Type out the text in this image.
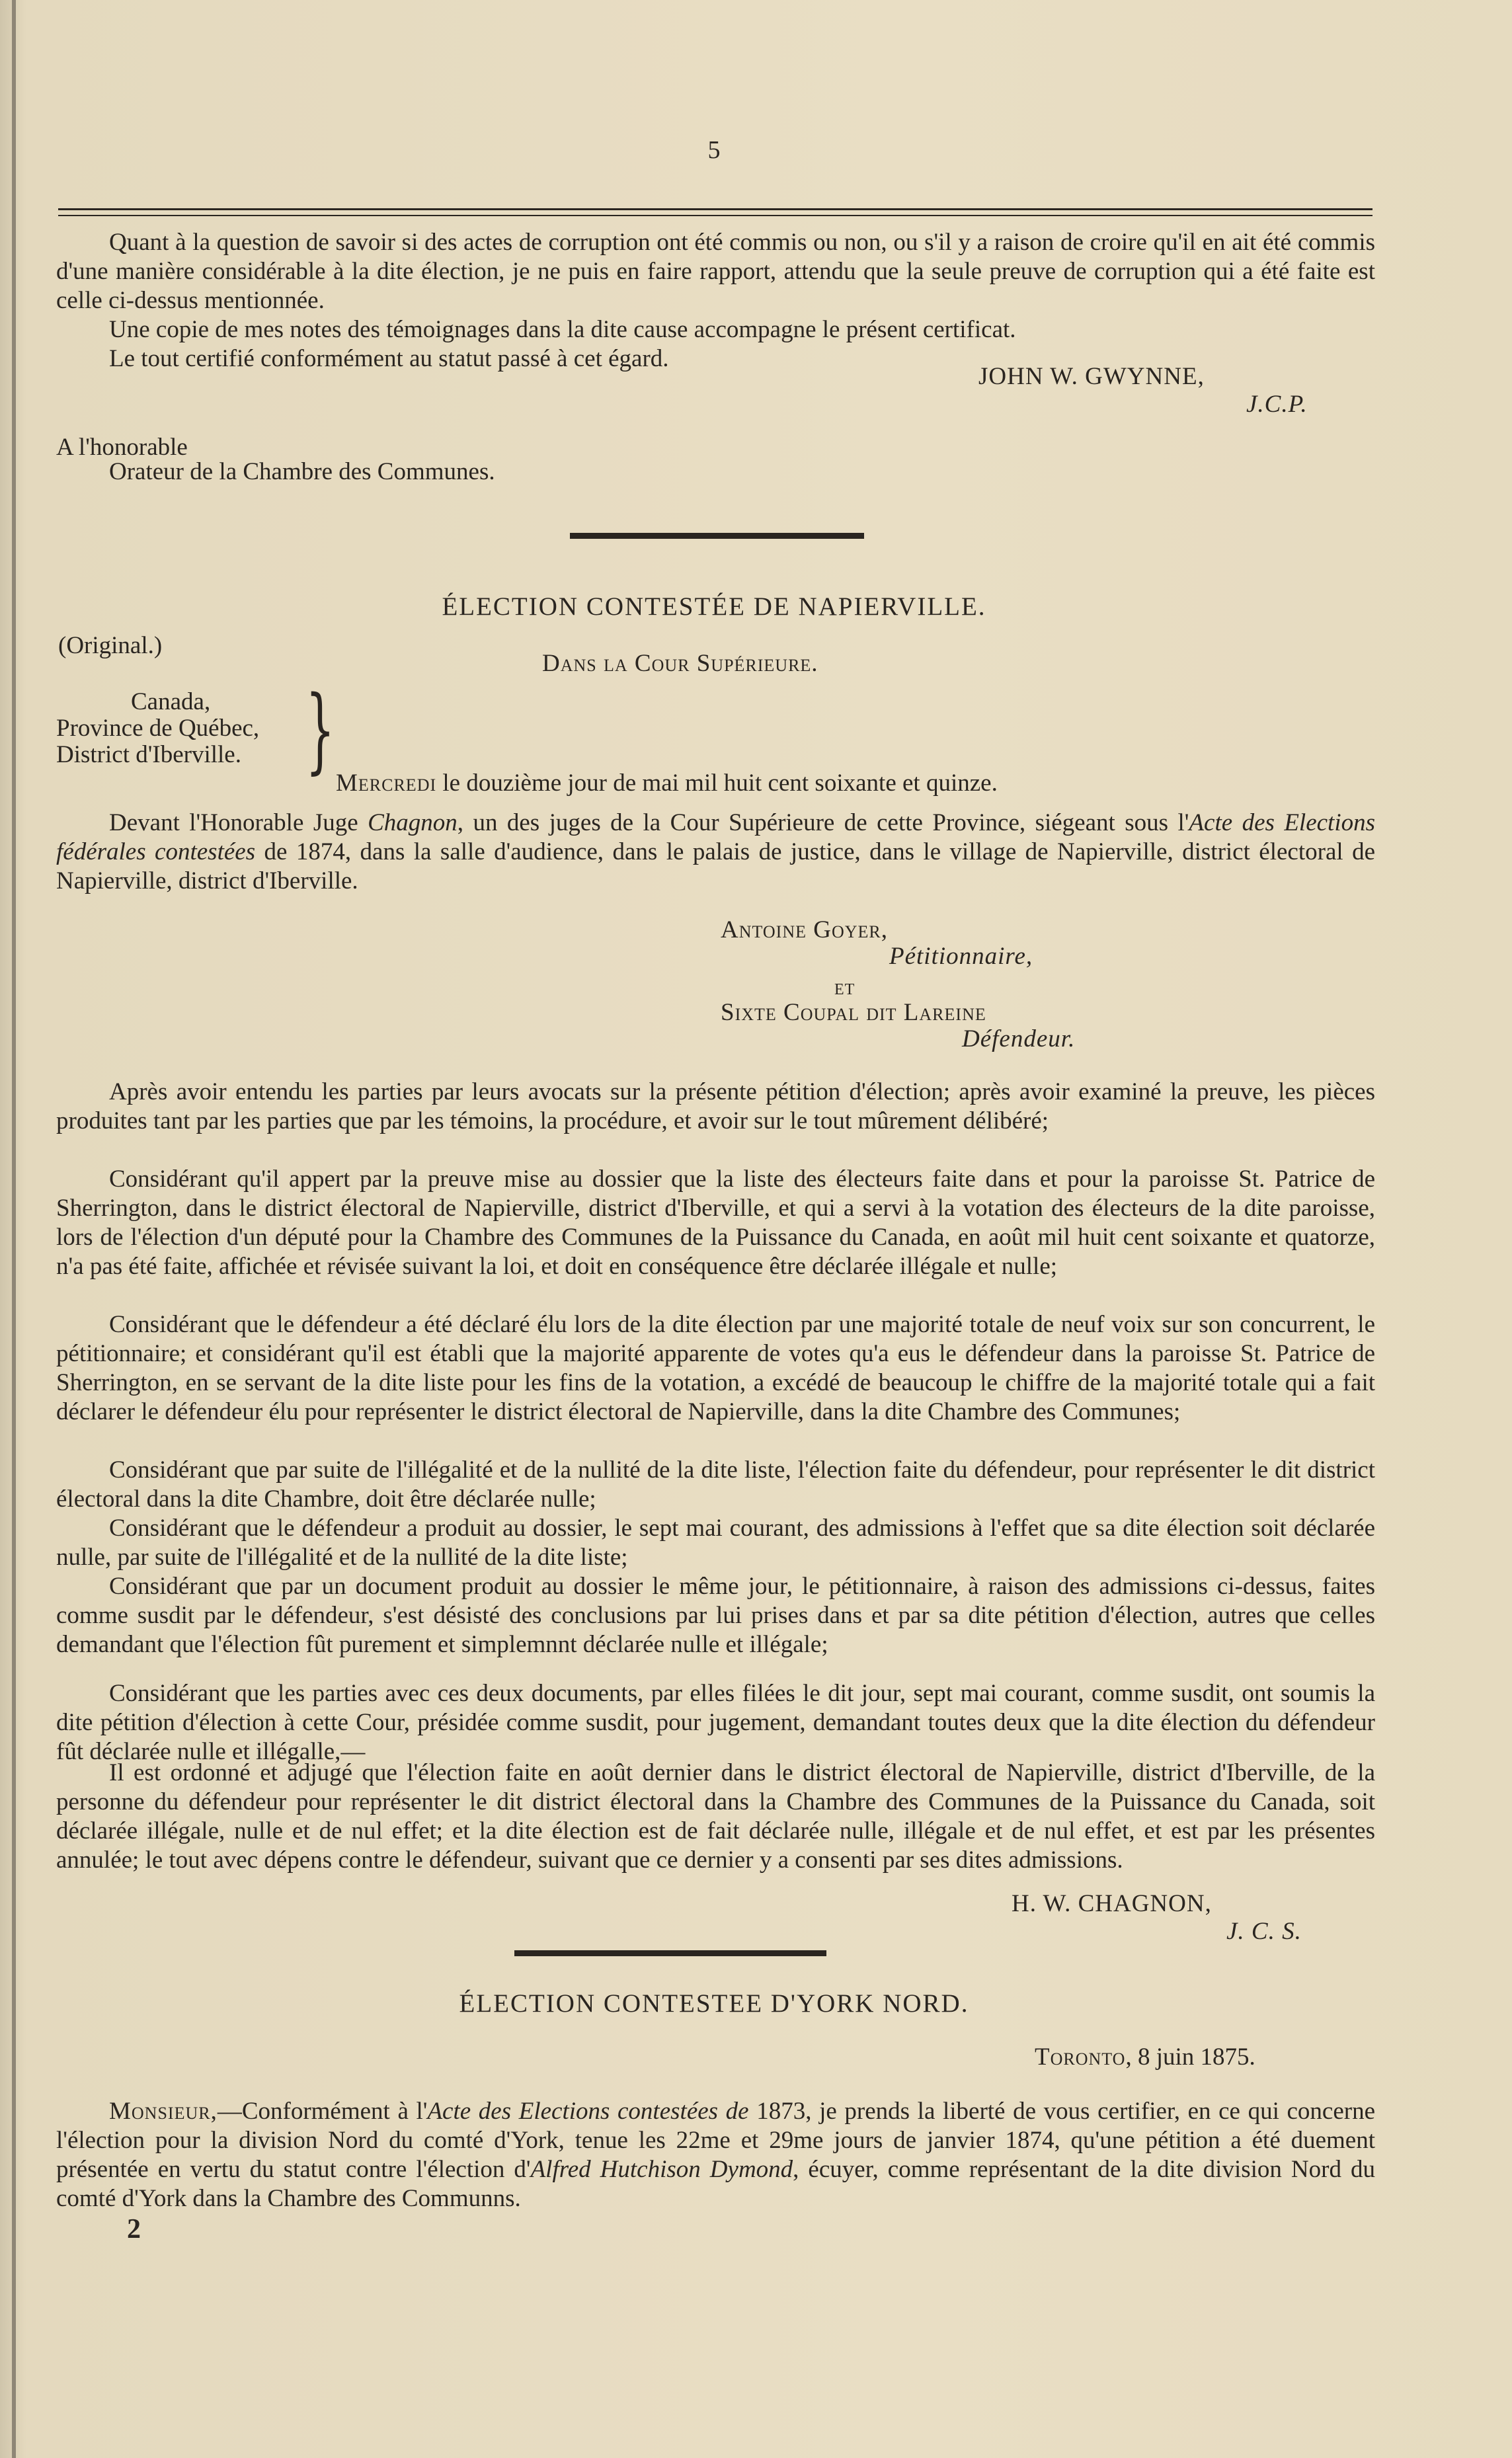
5
Quant à la question de savoir si des actes de corruption ont été commis ou non, ou s'il y a raison de croire qu'il en ait été commis d'une manière considérable à la dite élection, je ne puis en faire rapport, attendu que la seule preuve de corruption qui a été faite est celle ci-dessus mentionnée.
Une copie de mes notes des témoignages dans la dite cause accompagne le présent certificat.
Le tout certifié conformément au statut passé à cet égard.
JOHN W. GWYNNE,
J.C.P.
A l'honorable
Orateur de la Chambre des Communes.
ÉLECTION CONTESTÉE DE NAPIERVILLE.
(Original.)
Dans la Cour Supérieure.
Canada,
Province de Québec,
District d'Iberville. } Mercredi le douzième jour de mai mil huit cent soixante et quinze.
Devant l'Honorable Juge Chagnon, un des juges de la Cour Supérieure de cette Province, siégeant sous l'Acte des Elections fédérales contestées de 1874, dans la salle d'audience, dans le palais de justice, dans le village de Napierville, district électoral de Napierville, district d'Iberville.
Antoine Goyer,
Pétitionnaire,
et
Sixte Coupal dit Lareine
Défendeur.
Après avoir entendu les parties par leurs avocats sur la présente pétition d'élection; après avoir examiné la preuve, les pièces produites tant par les parties que par les témoins, la procédure, et avoir sur le tout mûrement délibéré;
Considérant qu'il appert par la preuve mise au dossier que la liste des électeurs faite dans et pour la paroisse St. Patrice de Sherrington, dans le district électoral de Napierville, district d'Iberville, et qui a servi à la votation des électeurs de la dite paroisse, lors de l'élection d'un député pour la Chambre des Communes de la Puissance du Canada, en août mil huit cent soixante et quatorze, n'a pas été faite, affichée et révisée suivant la loi, et doit en conséquence être déclarée illégale et nulle;
Considérant que le défendeur a été déclaré élu lors de la dite élection par une majorité totale de neuf voix sur son concurrent, le pétitionnaire; et considérant qu'il est établi que la majorité apparente de votes qu'a eus le défendeur dans la paroisse St. Patrice de Sherrington, en se servant de la dite liste pour les fins de la votation, a excédé de beaucoup le chiffre de la majorité totale qui a fait déclarer le défendeur élu pour représenter le district électoral de Napierville, dans la dite Chambre des Communes;
Considérant que par suite de l'illégalité et de la nullité de la dite liste, l'élection faite du défendeur, pour représenter le dit district électoral dans la dite Chambre, doit être déclarée nulle;
Considérant que le défendeur a produit au dossier, le sept mai courant, des admissions à l'effet que sa dite élection soit déclarée nulle, par suite de l'illégalité et de la nullité de la dite liste;
Considérant que par un document produit au dossier le même jour, le pétitionnaire, à raison des admissions ci-dessus, faites comme susdit par le défendeur, s'est désisté des conclusions par lui prises dans et par sa dite pétition d'élection, autres que celles demandant que l'élection fût purement et simplemnnt déclarée nulle et illégale;
Considérant que les parties avec ces deux documents, par elles filées le dit jour, sept mai courant, comme susdit, ont soumis la dite pétition d'élection à cette Cour, présidée comme susdit, pour jugement, demandant toutes deux que la dite élection du défendeur fût déclarée nulle et illégalle,—
Il est ordonné et adjugé que l'élection faite en août dernier dans le district électoral de Napierville, district d'Iberville, de la personne du défendeur pour représenter le dit district électoral dans la Chambre des Communes de la Puissance du Canada, soit déclarée illégale, nulle et de nul effet; et la dite élection est de fait déclarée nulle, illégale et de nul effet, et est par les présentes annulée; le tout avec dépens contre le défendeur, suivant que ce dernier y a consenti par ses dites admissions.
H. W. CHAGNON,
J. C. S.
ÉLECTION CONTESTEE D'YORK NORD.
Toronto, 8 juin 1875.
Monsieur,—Conformément à l'Acte des Elections contestées de 1873, je prends la liberté de vous certifier, en ce qui concerne l'élection pour la division Nord du comté d'York, tenue les 22me et 29me jours de janvier 1874, qu'une pétition a été duement présentée en vertu du statut contre l'élection d'Alfred Hutchison Dymond, écuyer, comme représentant de la dite division Nord du comté d'York dans la Chambre des Communns.
2
